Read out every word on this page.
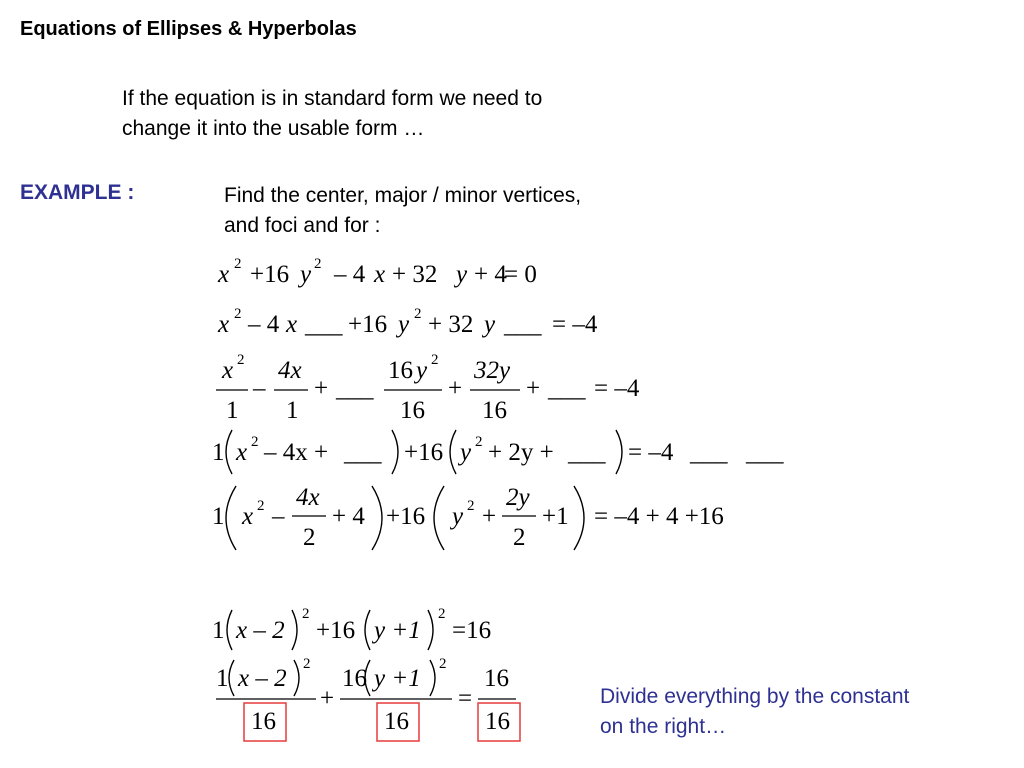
Equations of Ellipses & Hyperbolas
If the equation is in standard form we need to
change it into the usable form …
EXAMPLE :	Find the center, major / minor vertices,
and foci and for :
Divide everything by the constant
on the right…
x 2 +16 y 2 – 4 x + 32 y + 4
= 0
x 2 – 4 x ___ +16 y 2 + 32 y ___ = –4
x 2
1
–
4x
1
+ ___
16 y 2
16
+
32y
16
+ ___ = –4
1 x 2 – 4x + ___ +16 y 2 + 2y + ___ = –4 ___ ___
1 x 2 –
4x
2
+ 4 +16 y 2 +
2y
2
+1 = –4 + 4 +16
1 x – 2
2
+16 y +1
2
=16
1 x – 2
2
16
+
16 y +1
2
16
=
16
16
